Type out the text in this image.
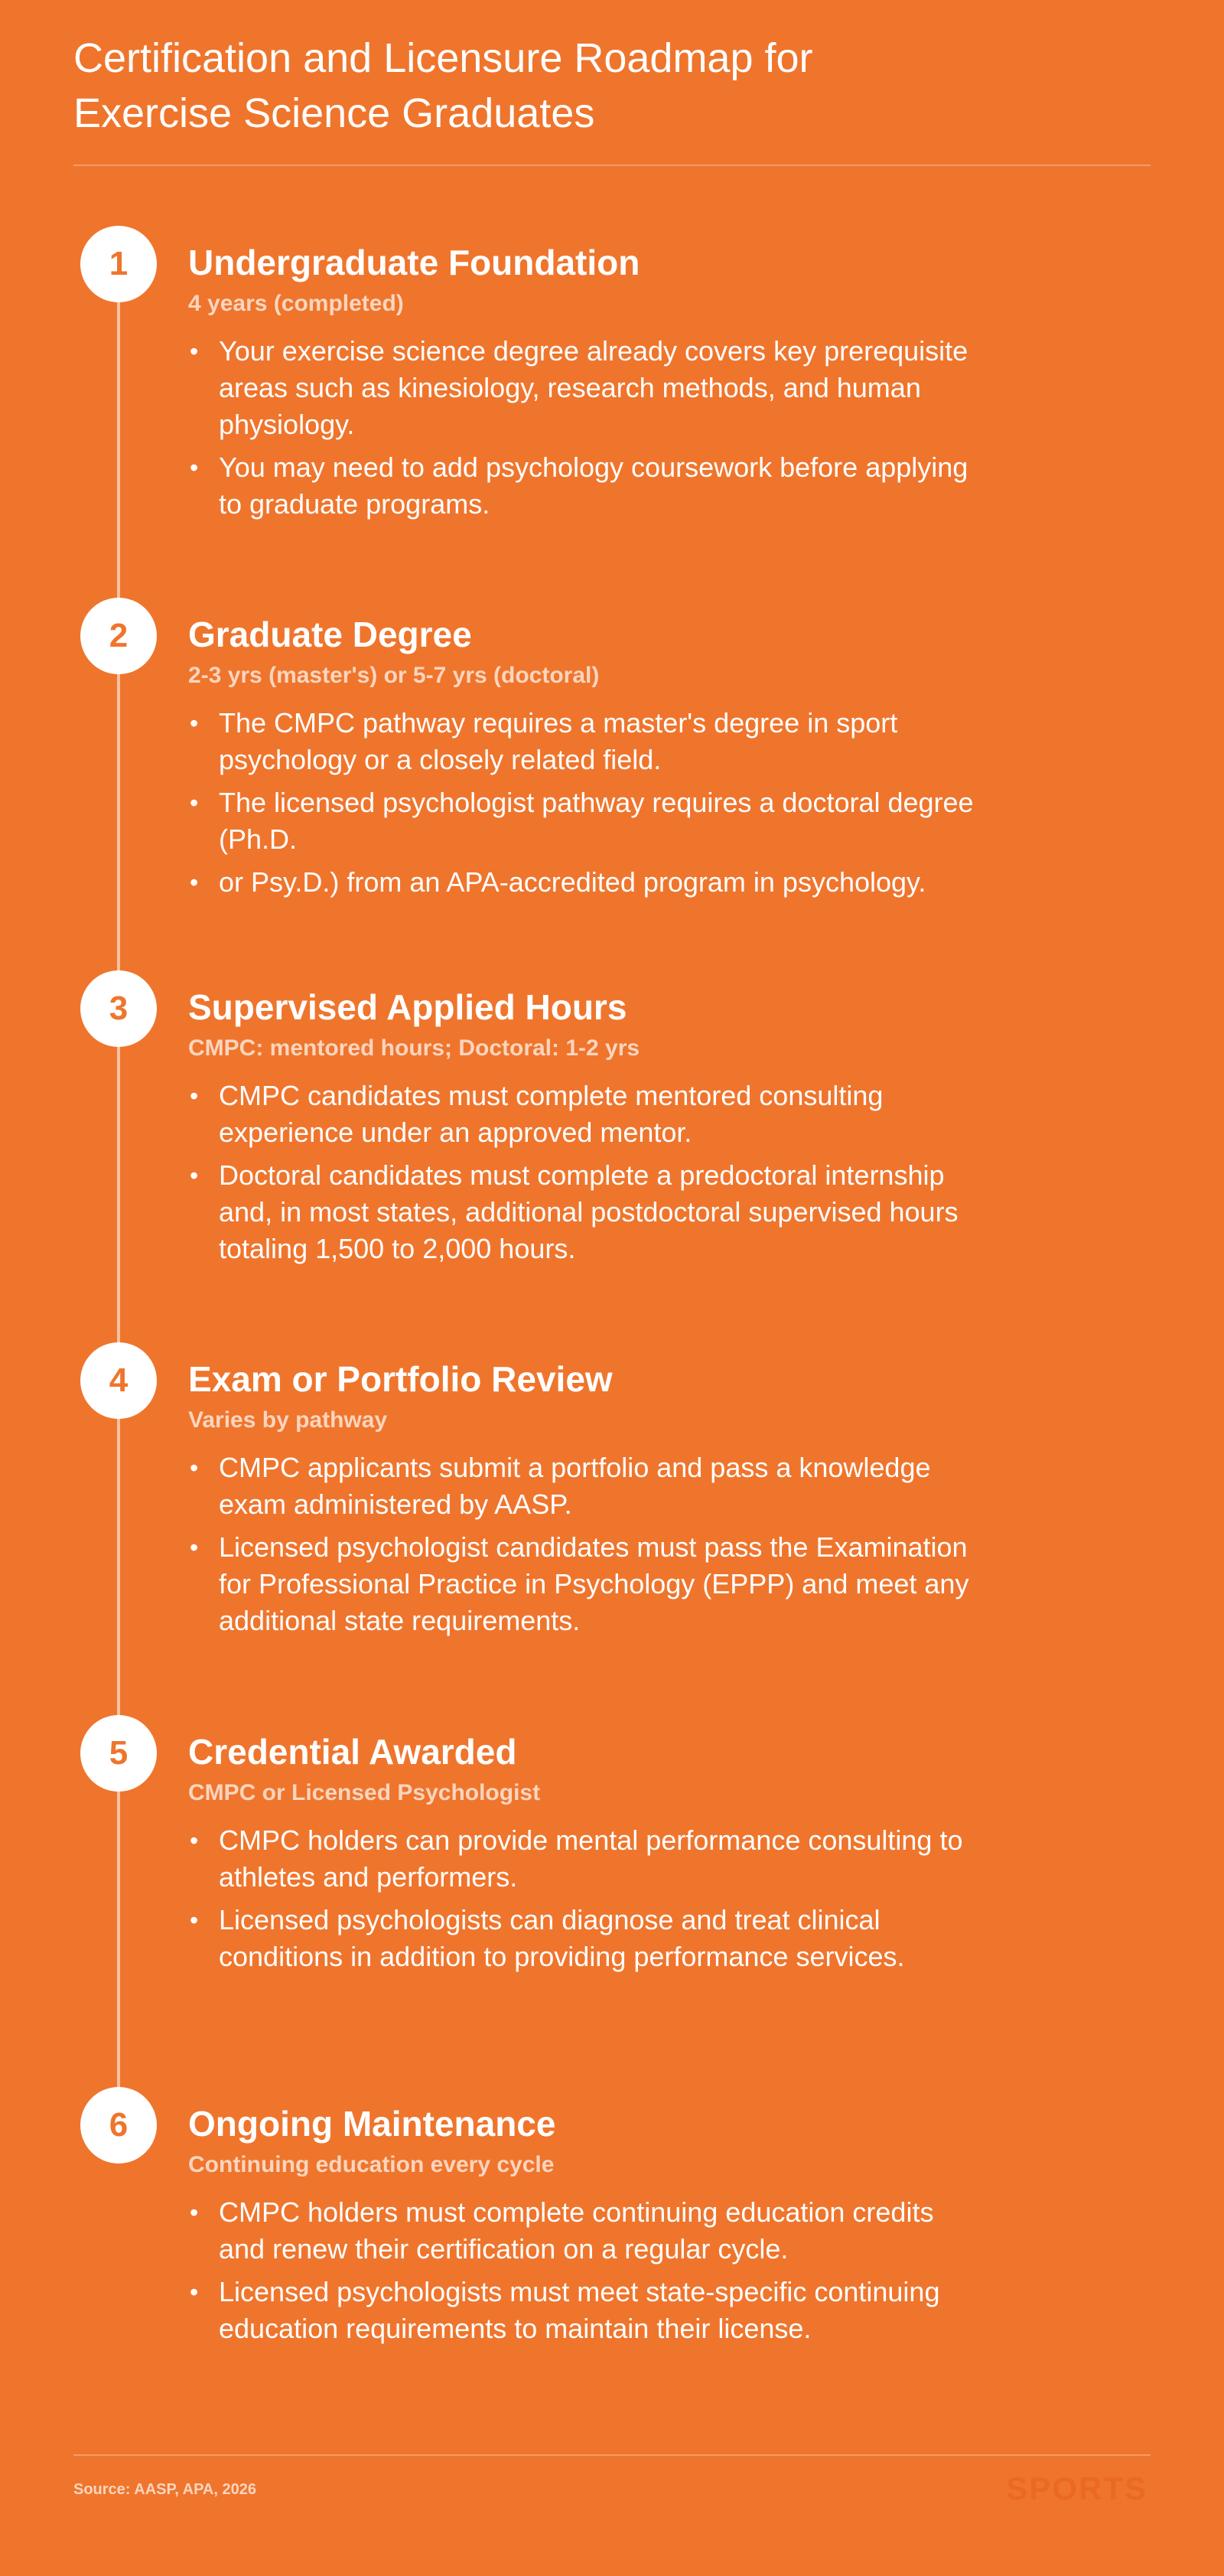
Certification and Licensure Roadmap for
Exercise Science Graduates
1	Undergraduate Foundation
4 years (completed)
• Your exercise science degree already covers key prerequisite areas such as kinesiology, research methods, and human physiology.
• You may need to add psychology coursework before applying to graduate programs.
2	Graduate Degree
2-3 yrs (master's) or 5-7 yrs (doctoral)
• The CMPC pathway requires a master's degree in sport psychology or a closely related field.
• The licensed psychologist pathway requires a doctoral degree (Ph.D.
• or Psy.D.) from an APA-accredited program in psychology.
3	Supervised Applied Hours
CMPC: mentored hours; Doctoral: 1-2 yrs
• CMPC candidates must complete mentored consulting experience under an approved mentor.
• Doctoral candidates must complete a predoctoral internship and, in most states, additional postdoctoral supervised hours totaling 1,500 to 2,000 hours.
4	Exam or Portfolio Review
Varies by pathway
• CMPC applicants submit a portfolio and pass a knowledge exam administered by AASP.
• Licensed psychologist candidates must pass the Examination for Professional Practice in Psychology (EPPP) and meet any additional state requirements.
5	Credential Awarded
CMPC or Licensed Psychologist
• CMPC holders can provide mental performance consulting to athletes and performers.
• Licensed psychologists can diagnose and treat clinical conditions in addition to providing performance services.
6	Ongoing Maintenance
Continuing education every cycle
• CMPC holders must complete continuing education credits and renew their certification on a regular cycle.
• Licensed psychologists must meet state-specific continuing education requirements to maintain their license.
Source: AASP, APA, 2026	SPORTS
